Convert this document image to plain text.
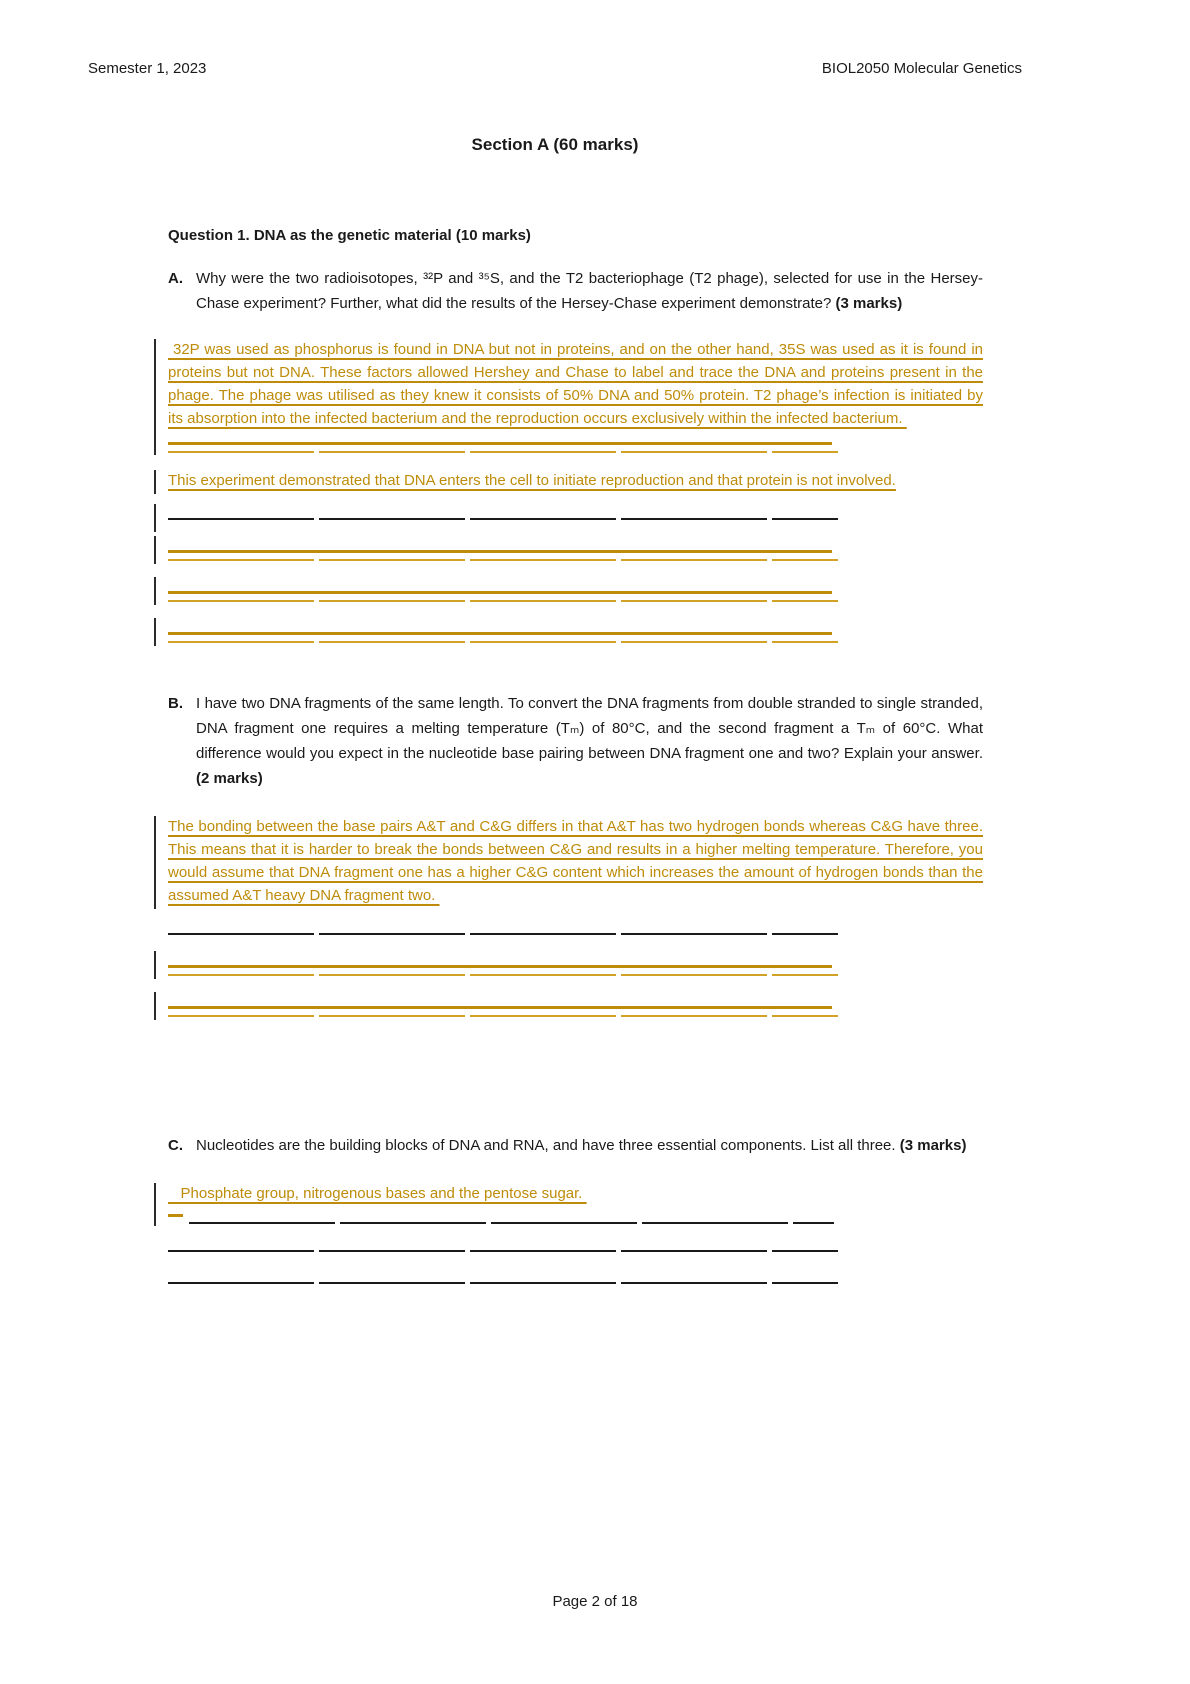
Semester 1, 2023	BIOL2050 Molecular Genetics
Section A (60 marks)
Question 1. DNA as the genetic material (10 marks)
A. Why were the two radioisotopes, ³²P and ³⁵S, and the T2 bacteriophage (T2 phage), selected for use in the Hersey-Chase experiment? Further, what did the results of the Hersey-Chase experiment demonstrate? (3 marks)
32P was used as phosphorus is found in DNA but not in proteins, and on the other hand, 35S was used as it is found in proteins but not DNA. These factors allowed Hershey and Chase to label and trace the DNA and proteins present in the phage. The phage was utilised as they knew it consists of 50% DNA and 50% protein. T2 phage’s infection is initiated by its absorption into the infected bacterium and the reproduction occurs exclusively within the infected bacterium.
This experiment demonstrated that DNA enters the cell to initiate reproduction and that protein is not involved.
B. I have two DNA fragments of the same length. To convert the DNA fragments from double stranded to single stranded, DNA fragment one requires a melting temperature (Tₘ) of 80°C, and the second fragment a Tₘ of 60°C. What difference would you expect in the nucleotide base pairing between DNA fragment one and two? Explain your answer. (2 marks)
The bonding between the base pairs A&T and C&G differs in that A&T has two hydrogen bonds whereas C&G have three. This means that it is harder to break the bonds between C&G and results in a higher melting temperature. Therefore, you would assume that DNA fragment one has a higher C&G content which increases the amount of hydrogen bonds than the assumed A&T heavy DNA fragment two.
C. Nucleotides are the building blocks of DNA and RNA, and have three essential components. List all three. (3 marks)
Phosphate group, nitrogenous bases and the pentose sugar.
Page 2 of 18
